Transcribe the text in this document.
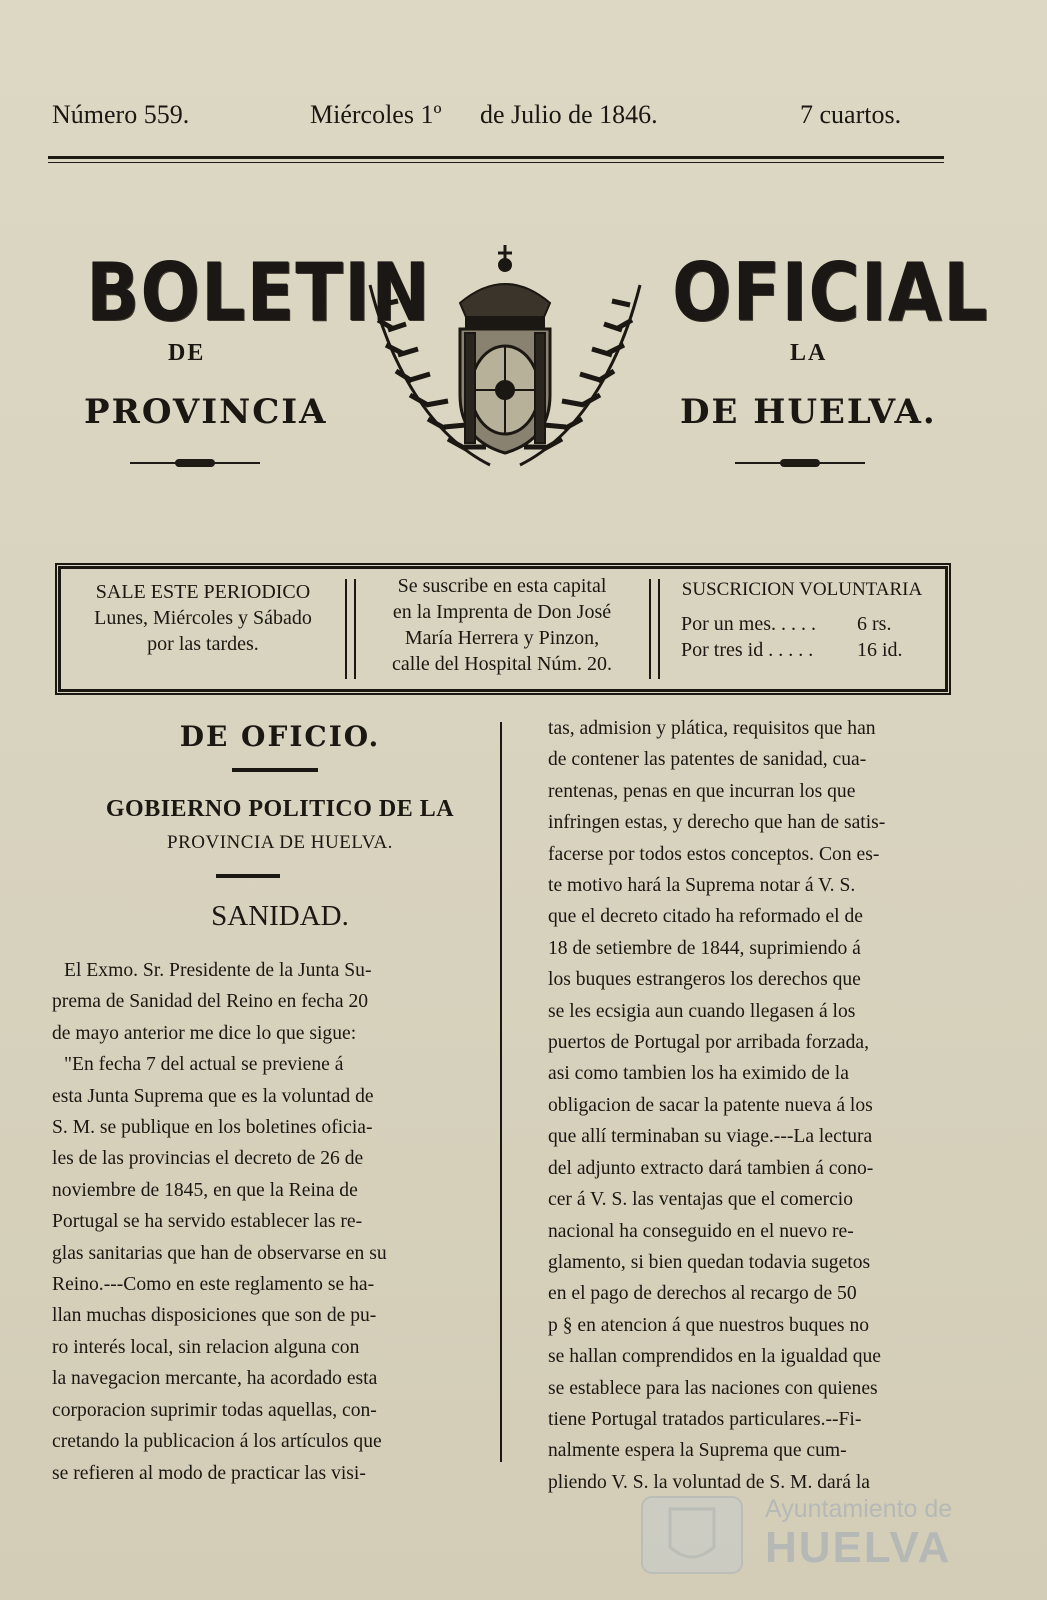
Número 559.	Miércoles 1º de Julio de 1846.	7 cuartos.
BOLETIN	OFICIAL
DE	LA
PROVINCIA	DE HUELVA.
SALE ESTE PERIODICO
Lunes, Miércoles y Sábado
por las tardes.
Se suscribe en esta capital
en la Imprenta de Don José
María Herrera y Pinzon,
calle del Hospital Núm. 20.
SUSCRICION VOLUNTARIA
Por un mes. . . . . 6 rs.
Por tres id . . . . . 16 id.
DE OFICIO.
GOBIERNO POLITICO DE LA
PROVINCIA DE HUELVA.
SANIDAD.

El Exmo. Sr. Presidente de la Junta Su-

prema de Sanidad del Reino en fecha 20

de mayo anterior me dice lo que sigue:

"En fecha 7 del actual se previene á

esta Junta Suprema que es la voluntad de

S. M. se publique en los boletines oficia-

les de las provincias el decreto de 26 de

noviembre de 1845, en que la Reina de

Portugal se ha servido establecer las re-

glas sanitarias que han de observarse en su

Reino.---Como en este reglamento se ha-

llan muchas disposiciones que son de pu-

ro interés local, sin relacion alguna con

la navegacion mercante, ha acordado esta

corporacion suprimir todas aquellas, con-

cretando la publicacion á los artículos que

se refieren al modo de practicar las visi-

tas, admision y plática, requisitos que han

de contener las patentes de sanidad, cua-

rentenas, penas en que incurran los que

infringen estas, y derecho que han de satis-

facerse por todos estos conceptos. Con es-

te motivo hará la Suprema notar á V. S.

que el decreto citado ha reformado el de

18 de setiembre de 1844, suprimiendo á

los buques estrangeros los derechos que

se les ecsigia aun cuando llegasen á los

puertos de Portugal por arribada forzada,

asi como tambien los ha eximido de la

obligacion de sacar la patente nueva á los

que allí terminaban su viage.---La lectura

del adjunto extracto dará tambien á cono-

cer á V. S. las ventajas que el comercio

nacional ha conseguido en el nuevo re-

glamento, si bien quedan todavia sugetos

en el pago de derechos al recargo de 50

p § en atencion á que nuestros buques no

se hallan comprendidos en la igualdad que

se establece para las naciones con quienes

tiene Portugal tratados particulares.--Fi-

nalmente espera la Suprema que cum-

pliendo V. S. la voluntad de S. M. dará la

Ayuntamiento de
HUELVA
